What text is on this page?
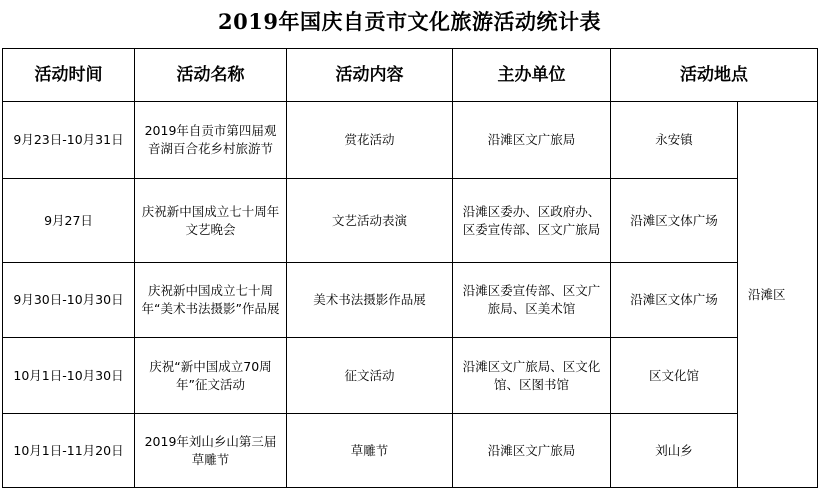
2019年国庆自贡市文化旅游活动统计表
活动时间	活动名称	活动内容	主办单位	活动地点	
9月23日-10月31日	2019年自贡市第四届观音湖百合花乡村旅游节	赏花活动	沿滩区文广旅局	永安镇	沿滩区
9月27日	庆祝新中国成立七十周年文艺晚会	文艺活动表演	沿滩区委办、区政府办、区委宣传部、区文广旅局	沿滩区文体广场	
9月30日-10月30日	庆祝新中国成立七十周年“美术书法摄影”作品展	美术书法摄影作品展	沿滩区委宣传部、区文广旅局、区美术馆	沿滩区文体广场	
10月1日-10月30日	庆祝“新中国成立70周年”征文活动	征文活动	沿滩区文广旅局、区文化馆、区图书馆	区文化馆	
10月1日-11月20日	2019年刘山乡山第三届草雕节	草雕节	沿滩区文广旅局	刘山乡	
